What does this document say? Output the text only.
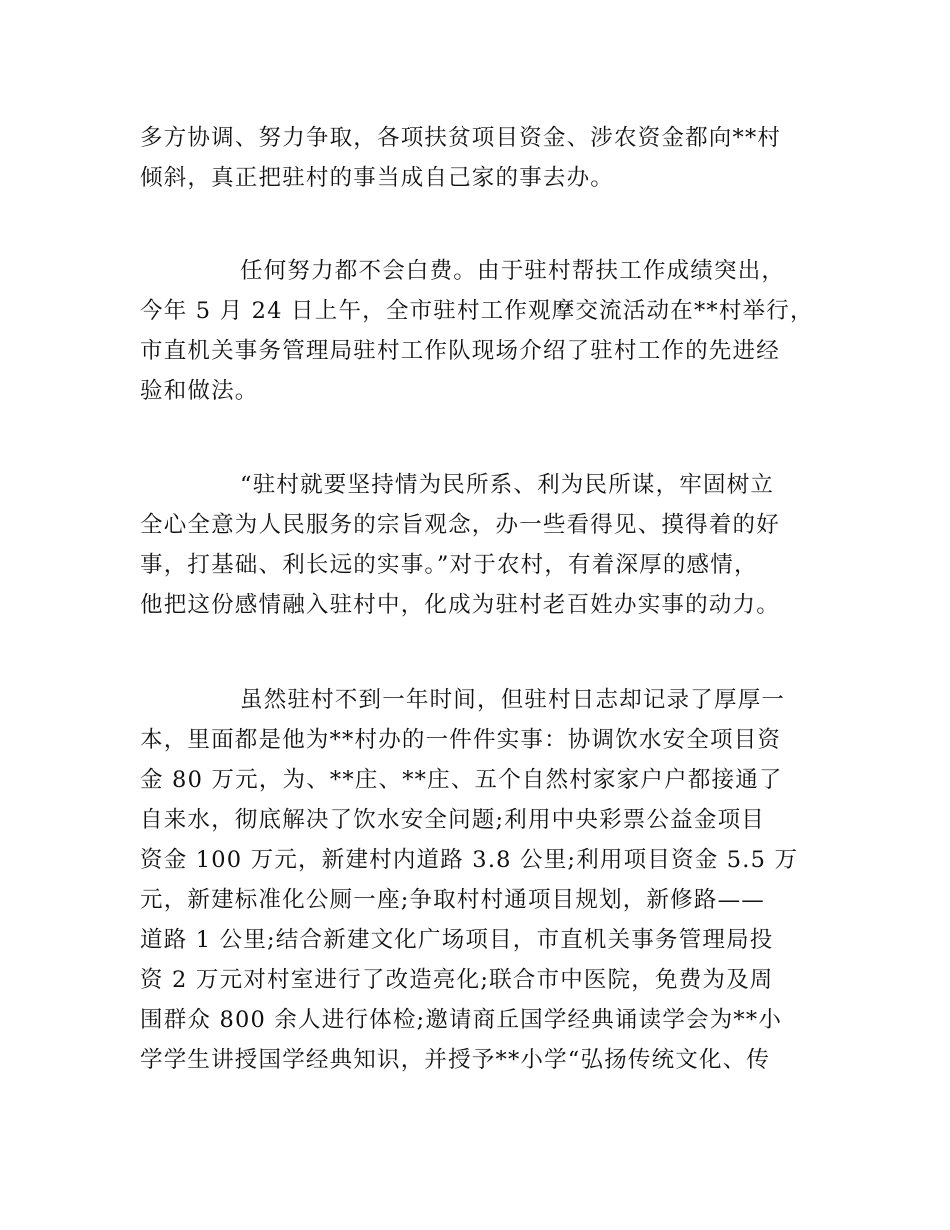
多方协调、努力争取，各项扶贫项目资金、涉农资金都向**村
倾斜，真正把驻村的事当成自己家的事去办。
任何努力都不会白费。由于驻村帮扶工作成绩突出，
今年 5 月 24 日上午，全市驻村工作观摩交流活动在**村举行，
市直机关事务管理局驻村工作队现场介绍了驻村工作的先进经
验和做法。
“驻村就要坚持情为民所系、利为民所谋，牢固树立
全心全意为人民服务的宗旨观念，办一些看得见、摸得着的好
事，打基础、利长远的实事。”对于农村，有着深厚的感情，
他把这份感情融入驻村中，化成为驻村老百姓办实事的动力。
虽然驻村不到一年时间，但驻村日志却记录了厚厚一
本，里面都是他为**村办的一件件实事：协调饮水安全项目资
金 80 万元，为、**庄、**庄、五个自然村家家户户都接通了
自来水，彻底解决了饮水安全问题;利用中央彩票公益金项目
资金 100 万元，新建村内道路 3.8 公里;利用项目资金 5.5 万
元，新建标准化公厕一座;争取村村通项目规划，新修路——
道路 1 公里;结合新建文化广场项目，市直机关事务管理局投
资 2 万元对村室进行了改造亮化;联合市中医院，免费为及周
围群众 800 余人进行体检;邀请商丘国学经典诵读学会为**小
学学生讲授国学经典知识，并授予**小学“弘扬传统文化、传
